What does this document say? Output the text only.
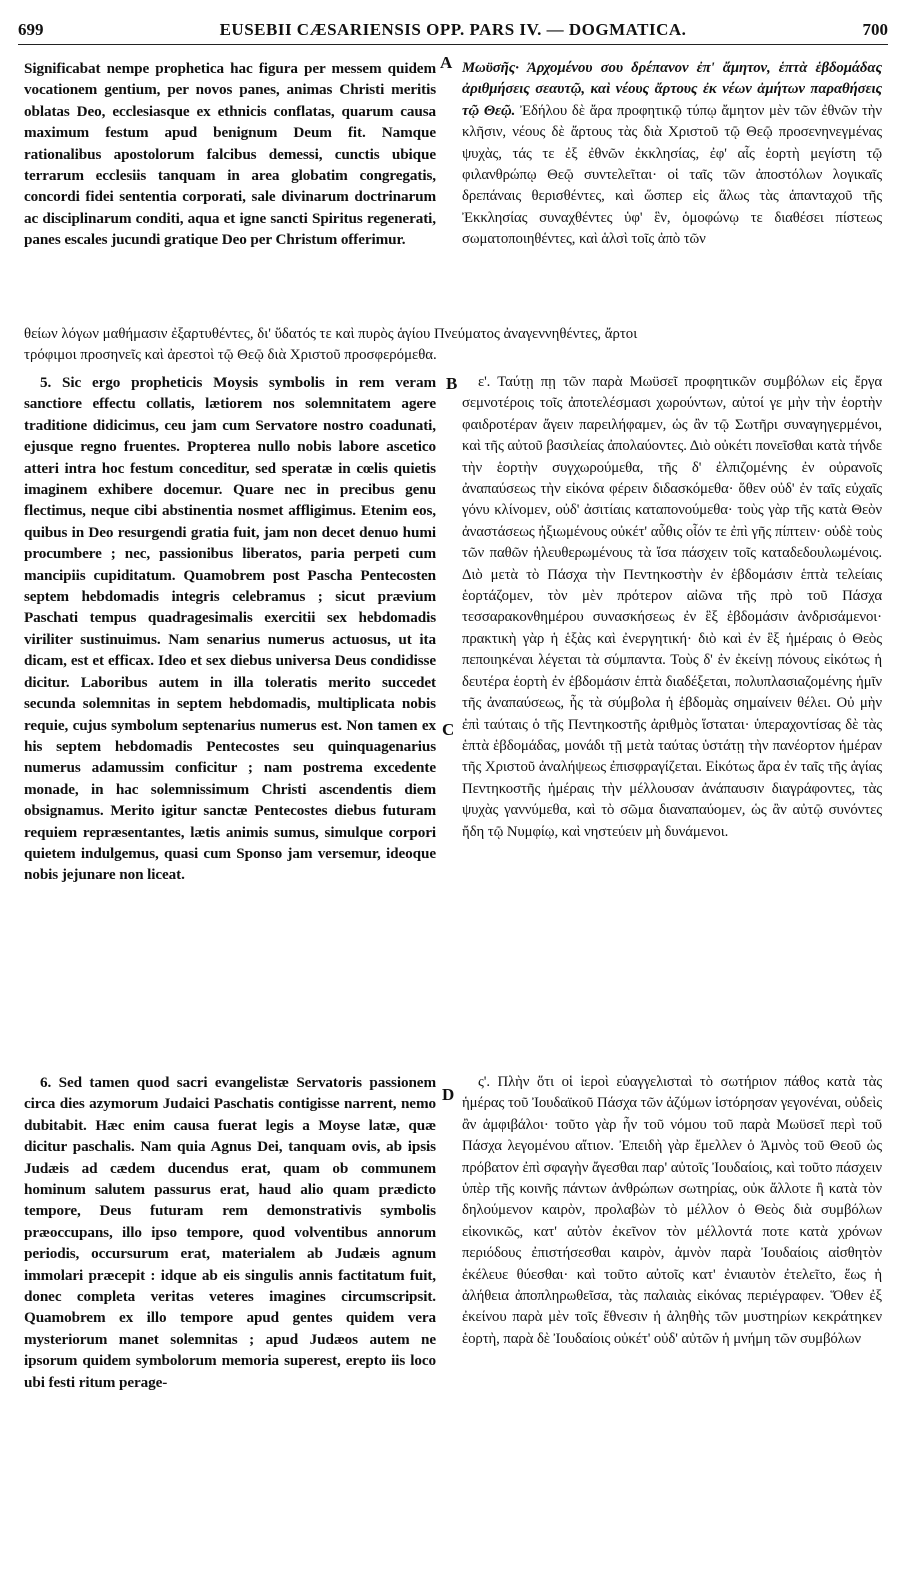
699	EUSEBII CÆSARIENSIS OPP. PARS IV. — DOGMATICA.	700
A
B
C
D

Significabat nempe prophetica hac figura per messem quidem vocationem gentium, per novos panes, animas Christi meritis oblatas Deo, ecclesiasque ex ethnicis conflatas, quarum causa maximum festum apud benignum Deum fit. Namque rationalibus apostolorum falcibus demessi, cunctis ubique terrarum ecclesiis tanquam in area globatim congregatis, concordi fidei sententia corporati, sale divinarum doctrinarum ac disciplinarum conditi, aqua et igne sancti Spiritus regenerati, panes escales jucundi gratique Deo per Christum offerimur.

Μωϋσῆς· Ἀρχομένου σου δρέπανον ἐπ' ἄμητον, ἑπτὰ ἑβδομάδας ἀριθμήσεις σεαυτῷ, καὶ νέους ἄρτους ἐκ νέων ἀμήτων παραθήσεις τῷ Θεῷ. Ἐδήλου δὲ ἄρα προφητικῷ τύπῳ ἄμητον μὲν τῶν ἐθνῶν τὴν κλῆσιν, νέους δὲ ἄρτους τὰς διὰ Χριστοῦ τῷ Θεῷ προσενηνεγμένας ψυχὰς, τάς τε ἐξ ἐθνῶν ἐκκλησίας, ἐφ' αἷς ἑορτὴ μεγίστη τῷ φιλανθρώπῳ Θεῷ συντελεῖται· οἱ ταῖς τῶν ἀποστόλων λογικαῖς δρεπάναις θερισθέντες, καὶ ὥσπερ εἰς ἅλως τὰς ἁπανταχοῦ τῆς Ἐκκλησίας συναχθέντες ὑφ' ἓν, ὁμοφώνῳ τε διαθέσει πίστεως σωματοποιηθέντες, καὶ ἁλσὶ τοῖς ἀπὸ τῶν

θείων λόγων μαθήμασιν ἐξαρτυθέντες, δι' ὕδατός τε καὶ πυρὸς ἁγίου Πνεύματος ἀναγεννηθέντες, ἄρτοι
τρόφιμοι προσηνεῖς καὶ ἀρεστοὶ τῷ Θεῷ διὰ Χριστοῦ προσφερόμεθα.

5. Sic ergo propheticis Moysis symbolis in rem veram sanctiore effectu collatis, lætiorem nos solemnitatem agere traditione didicimus, ceu jam cum Servatore nostro coadunati, ejusque regno fruentes. Propterea nullo nobis labore ascetico atteri intra hoc festum conceditur, sed speratæ in cœlis quietis imaginem exhibere docemur. Quare nec in precibus genu flectimus, neque cibi abstinentia nosmet affligimus. Etenim eos, quibus in Deo resurgendi gratia fuit, jam non decet denuo humi procumbere ; nec, passionibus liberatos, paria perpeti cum mancipiis cupiditatum. Quamobrem post Pascha Pentecosten septem hebdomadis integris celebramus ; sicut prævium Paschati tempus quadragesimalis exercitii sex hebdomadis viriliter sustinuimus. Nam senarius numerus actuosus, ut ita dicam, est et efficax. Ideo et sex diebus universa Deus condidisse dicitur. Laboribus autem in illa toleratis merito succedet secunda solemnitas in septem hebdomadis, multiplicata nobis requie, cujus symbolum septenarius numerus est. Non tamen ex his septem hebdomadis Pentecostes seu quinquagenarius numerus adamussim conficitur ; nam postrema excedente monade, in hac solemnissimum Christi ascendentis diem obsignamus. Merito igitur sanctæ Pentecostes diebus futuram requiem repræsentantes, lætis animis sumus, simulque corpori quietem indulgemus, quasi cum Sponso jam versemur, ideoque nobis jejunare non liceat.

ε'. Ταύτῃ πῃ τῶν παρὰ Μωϋσεῖ προφητικῶν συμβόλων εἰς ἔργα σεμνοτέροις τοῖς ἀποτελέσμασι χωρούντων, αὐτοί γε μὴν τὴν ἑορτὴν φαιδροτέραν ἄγειν παρειλήφαμεν, ὡς ἂν τῷ Σωτῆρι συναγηγερμένοι, καὶ τῆς αὐτοῦ βασιλείας ἀπολαύοντες. Διὸ οὐκέτι πονεῖσθαι κατὰ τήνδε τὴν ἑορτὴν συγχωρούμεθα, τῆς δ' ἐλπιζομένης ἐν οὐρανοῖς ἀναπαύσεως τὴν εἰκόνα φέρειν διδασκόμεθα· ὅθεν οὐδ' ἐν ταῖς εὐχαῖς γόνυ κλίνομεν, οὐδ' ἀσιτίαις καταπονούμεθα· τοὺς γὰρ τῆς κατὰ Θεὸν ἀναστάσεως ἠξιωμένους οὐκέτ' αὖθις οἷόν τε ἐπὶ γῆς πίπτειν· οὐδὲ τοὺς τῶν παθῶν ἠλευθερωμένους τὰ ἴσα πάσχειν τοῖς καταδεδουλωμένοις. Διὸ μετὰ τὸ Πάσχα τὴν Πεντηκοστὴν ἐν ἑβδομάσιν ἑπτὰ τελείαις ἑορτάζομεν, τὸν μὲν πρότερον αἰῶνα τῆς πρὸ τοῦ Πάσχα τεσσαρακονθημέρου συνασκήσεως ἐν ἓξ ἑβδομάσιν ἀνδρισάμενοι· πρακτικὴ γὰρ ἡ ἑξὰς καὶ ἐνεργητική· διὸ καὶ ἐν ἓξ ἡμέραις ὁ Θεὸς πεποιηκέναι λέγεται τὰ σύμπαντα. Τοὺς δ' ἐν ἐκείνῃ πόνους εἰκότως ἡ δευτέρα ἑορτὴ ἐν ἑβδομάσιν ἑπτὰ διαδέξεται, πολυπλασιαζομένης ἡμῖν τῆς ἀναπαύσεως, ἧς τὰ σύμβολα ἡ ἑβδομὰς σημαίνειν θέλει. Οὐ μὴν ἐπὶ ταύταις ὁ τῆς Πεντηκοστῆς ἀριθμὸς ἵσταται· ὑπεραχοντίσας δὲ τὰς ἑπτὰ ἑβδομάδας, μονάδι τῇ μετὰ ταύτας ὑστάτῃ τὴν πανέορτον ἡμέραν τῆς Χριστοῦ ἀναλήψεως ἐπισφραγίζεται. Εἰκότως ἄρα ἐν ταῖς τῆς ἁγίας Πεντηκοστῆς ἡμέραις τὴν μέλλουσαν ἀνάπαυσιν διαγράφοντες, τὰς ψυχὰς γαννύμεθα, καὶ τὸ σῶμα διαναπαύομεν, ὡς ἂν αὐτῷ συνόντες ἤδη τῷ Νυμφίῳ, καὶ νηστεύειν μὴ δυνάμενοι.

6. Sed tamen quod sacri evangelistæ Servatoris passionem circa dies azymorum Judaici Paschatis contigisse narrent, nemo dubitabit. Hæc enim causa fuerat legis a Moyse latæ, quæ dicitur paschalis. Nam quia Agnus Dei, tanquam ovis, ab ipsis Judæis ad cædem ducendus erat, quam ob communem hominum salutem passurus erat, haud alio quam prædicto tempore, Deus futuram rem demonstrativis symbolis præoccupans, illo ipso tempore, quod volventibus annorum periodis, occursurum erat, materialem ab Judæis agnum immolari præcepit : idque ab eis singulis annis factitatum fuit, donec completa veritas veteres imagines circumscripsit. Quamobrem ex illo tempore apud gentes quidem vera mysteriorum manet solemnitas ; apud Judæos autem ne ipsorum quidem symbolorum memoria superest, erepto iis loco ubi festi ritum perage-

ς'. Πλὴν ὅτι οἱ ἱεροὶ εὐαγγελισταὶ τὸ σωτήριον πάθος κατὰ τὰς ἡμέρας τοῦ Ἰουδαϊκοῦ Πάσχα τῶν ἀζύμων ἱστόρησαν γεγονέναι, οὐδεὶς ἂν ἀμφιβάλοι· τοῦτο γὰρ ἦν τοῦ νόμου τοῦ παρὰ Μωϋσεῖ περὶ τοῦ Πάσχα λεγομένου αἴτιον. Ἐπειδὴ γὰρ ἔμελλεν ὁ Ἀμνὸς τοῦ Θεοῦ ὡς πρόβατον ἐπὶ σφαγὴν ἄγεσθαι παρ' αὐτοῖς Ἰουδαίοις, καὶ τοῦτο πάσχειν ὑπὲρ τῆς κοινῆς πάντων ἀνθρώπων σωτηρίας, οὐκ ἄλλοτε ἢ κατὰ τὸν δηλούμενον καιρὸν, προλαβὼν τὸ μέλλον ὁ Θεὸς διὰ συμβόλων εἰκονικῶς, κατ' αὐτὸν ἐκεῖνον τὸν μέλλοντά ποτε κατὰ χρόνων περιόδους ἐπιστήσεσθαι καιρὸν, ἀμνὸν παρὰ Ἰουδαίοις αἰσθητὸν ἐκέλευε θύεσθαι· καὶ τοῦτο αὐτοῖς κατ' ἐνιαυτὸν ἐτελεῖτο, ἕως ἡ ἀλήθεια ἀποπληρωθεῖσα, τὰς παλαιὰς εἰκόνας περιέγραφεν. Ὅθεν ἐξ ἐκείνου παρὰ μὲν τοῖς ἔθνεσιν ἡ ἀληθὴς τῶν μυστηρίων κεκράτηκεν ἑορτὴ, παρὰ δὲ Ἰουδαίοις οὐκέτ' οὐδ' αὐτῶν ἡ μνήμη τῶν συμβόλων
